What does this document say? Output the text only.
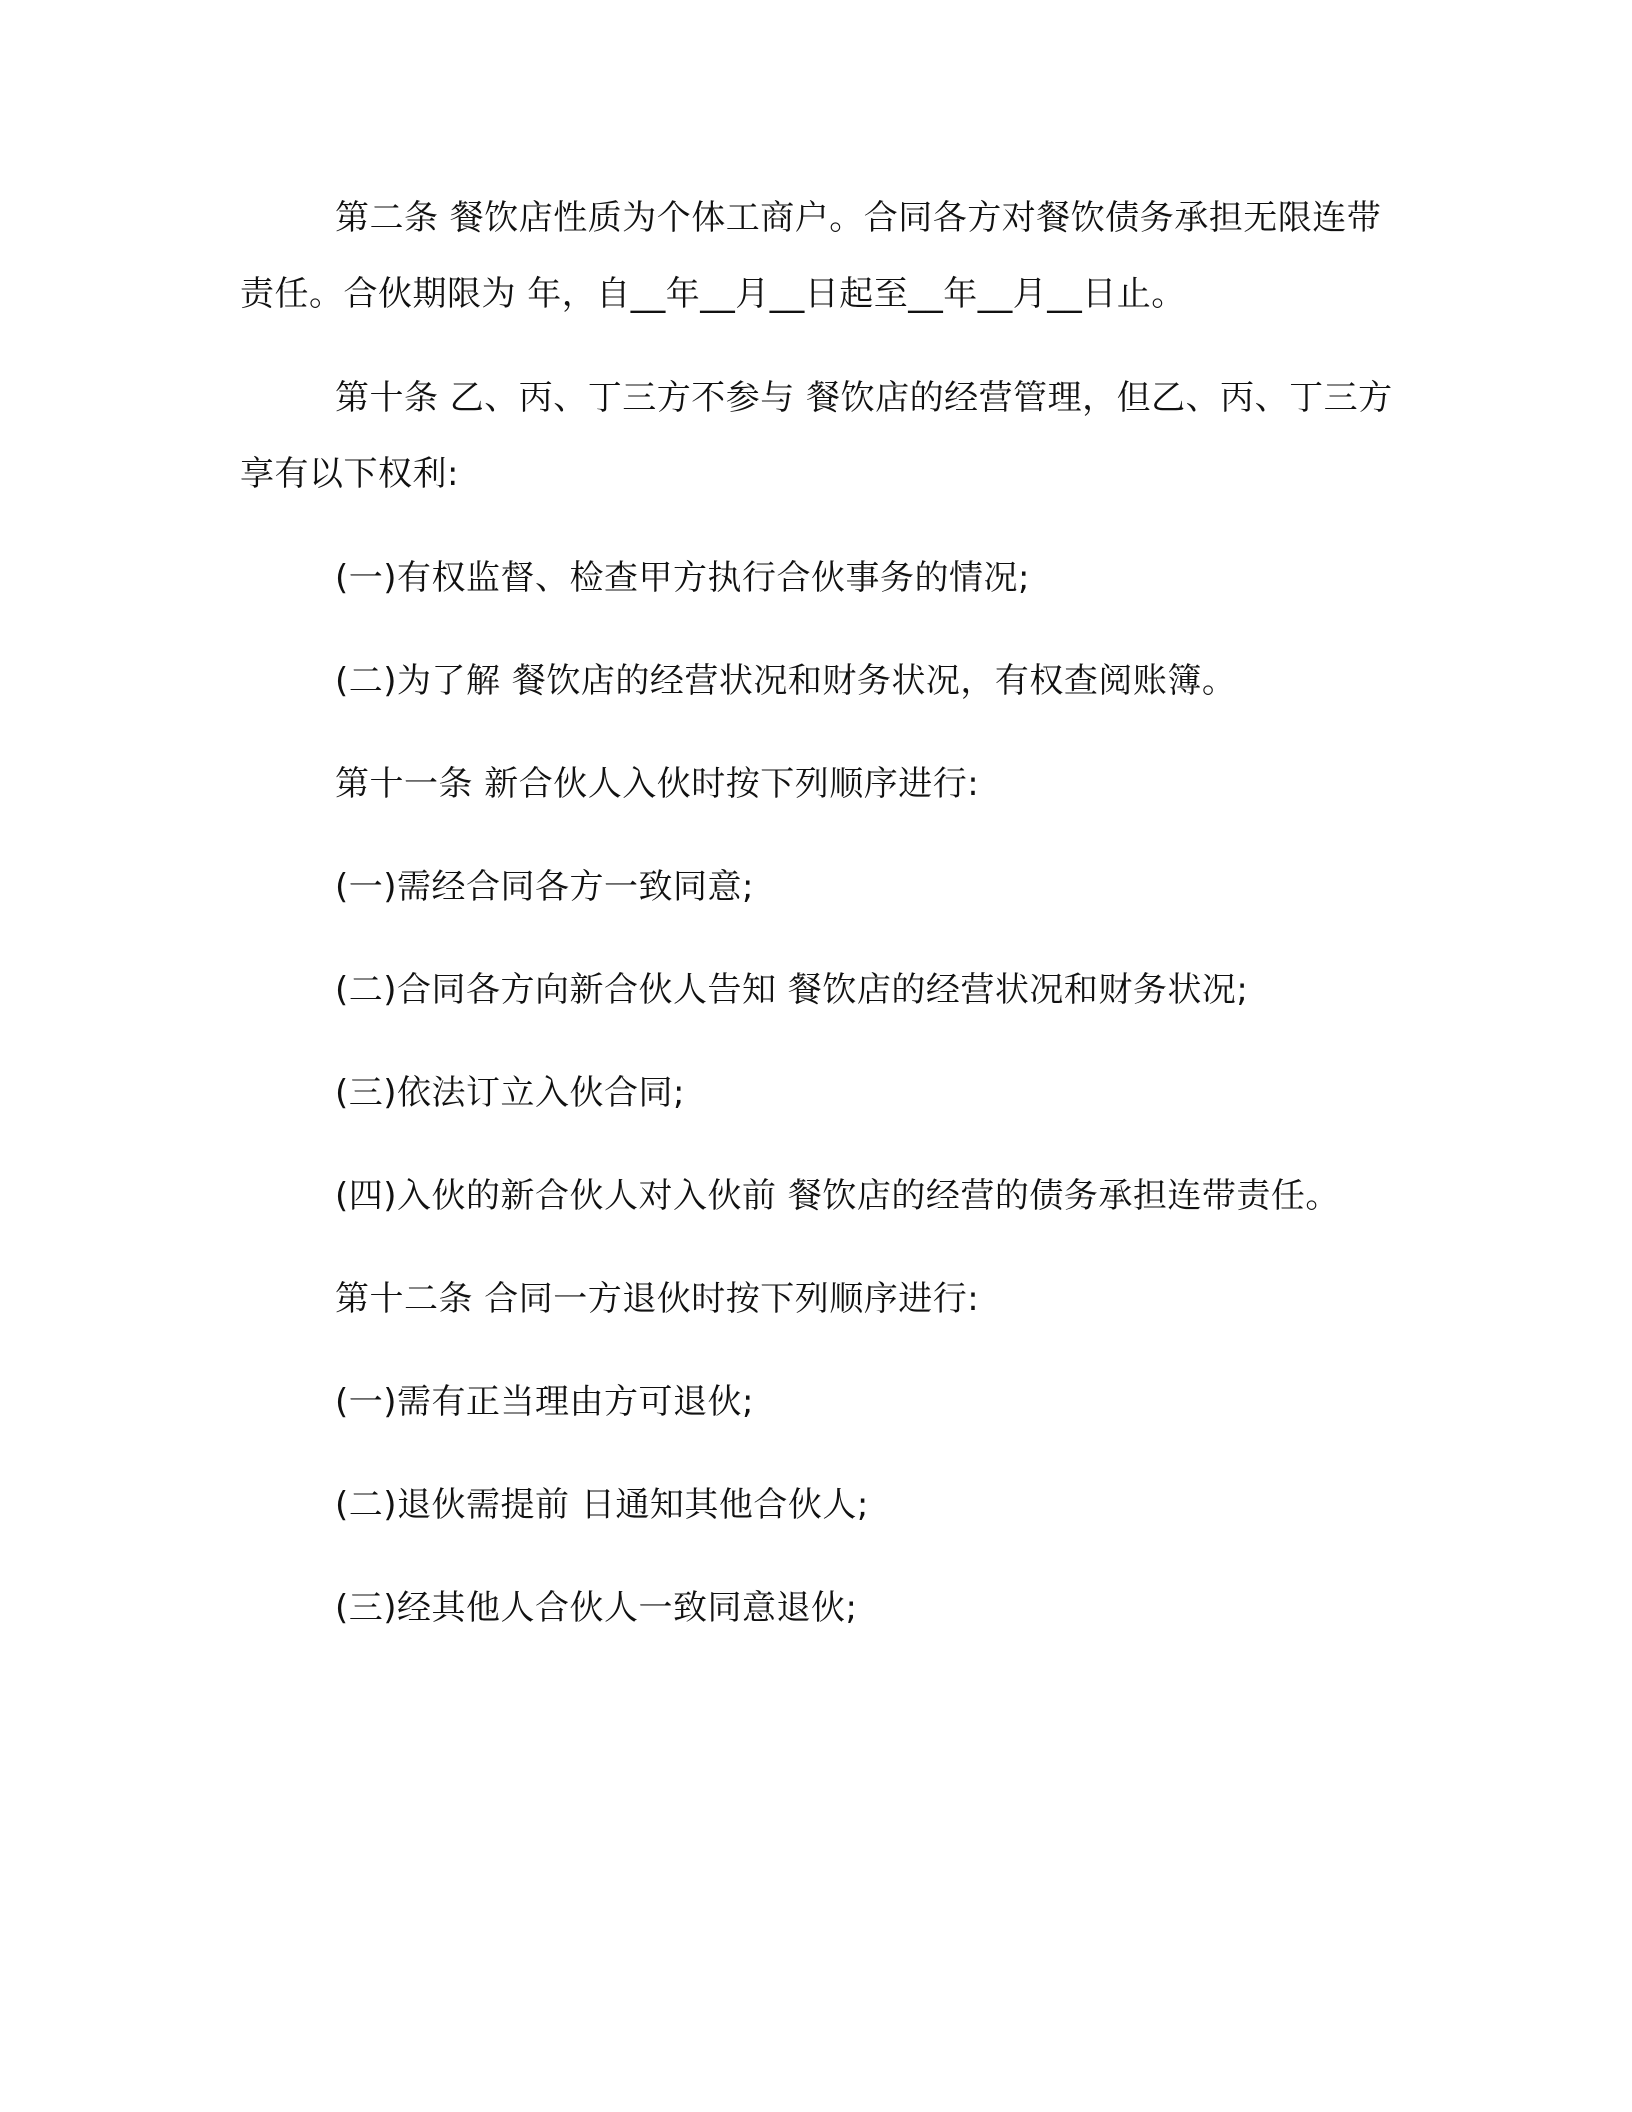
第二条 餐饮店性质为个体工商户。合同各方对餐饮债务承担无限连带责任。合伙期限为 年，自__年__月__日起至__年__月__日止。
第十条 乙、丙、丁三方不参与 餐饮店的经营管理，但乙、丙、丁三方享有以下权利:
(一)有权监督、检查甲方执行合伙事务的情况;
(二)为了解 餐饮店的经营状况和财务状况，有权查阅账簿。
第十一条 新合伙人入伙时按下列顺序进行:
(一)需经合同各方一致同意;
(二)合同各方向新合伙人告知 餐饮店的经营状况和财务状况;
(三)依法订立入伙合同;
(四)入伙的新合伙人对入伙前 餐饮店的经营的债务承担连带责任。
第十二条 合同一方退伙时按下列顺序进行:
(一)需有正当理由方可退伙;
(二)退伙需提前 日通知其他合伙人;
(三)经其他人合伙人一致同意退伙;
